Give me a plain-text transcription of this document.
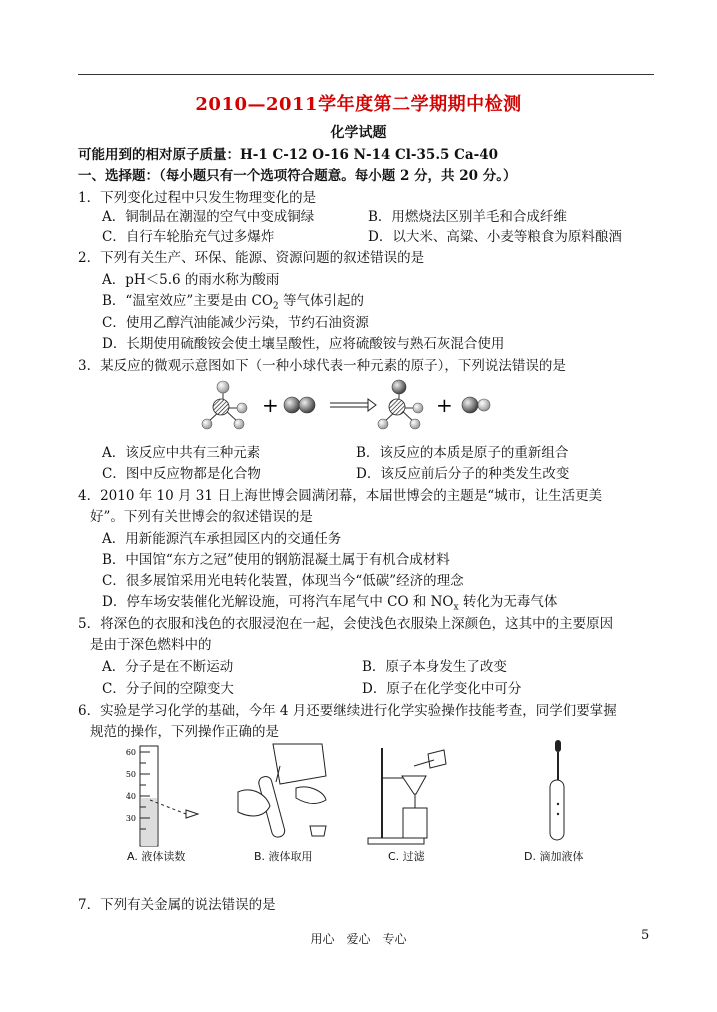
2010—2011学年度第二学期期中检测
化学试题
可能用到的相对原子质量：H-1 C-12 O-16 N-14 Cl-35.5 Ca-40
一、选择题：（每小题只有一个选项符合题意。每小题 2 分，共 20 分。）
1．下列变化过程中只发生物理变化的是
A．铜制品在潮湿的空气中变成铜绿	B．用燃烧法区别羊毛和合成纤维
C．自行车轮胎充气过多爆炸	D．以大米、高粱、小麦等粮食为原料酿酒
2．下列有关生产、环保、能源、资源问题的叙述错误的是
A．pH＜5.6 的雨水称为酸雨
B．“温室效应”主要是由 $CO_2$ 等气体引起的
C．使用乙醇汽油能减少污染，节约石油资源
D．长期使用硫酸铵会使土壤呈酸性，应将硫酸铵与熟石灰混合使用
3．某反应的微观示意图如下（一种小球代表一种元素的原子），下列说法错误的是
+	+
A．该反应中共有三种元素	B．该反应的本质是原子的重新组合
C．图中反应物都是化合物	D．该反应前后分子的种类发生改变
4．2010 年 10 月 31 日上海世博会圆满闭幕，本届世博会的主题是“城市，让生活更美
好”。下列有关世博会的叙述错误的是
A．用新能源汽车承担园区内的交通任务
B．中国馆“东方之冠”使用的钢筋混凝土属于有机合成材料
C．很多展馆采用光电转化装置，体现当今“低碳”经济的理念
D．停车场安装催化光解设施，可将汽车尾气中 CO 和 $NO_x$ 转化为无毒气体
5．将深色的衣服和浅色的衣服浸泡在一起，会使浅色衣服染上深颜色，这其中的主要原因
是由于深色燃料中的
A．分子是在不断运动	B．原子本身发生了改变
C．分子间的空隙变大	D．原子在化学变化中可分
6．实验是学习化学的基础，今年 4 月还要继续进行化学实验操作技能考查，同学们要掌握
规范的操作，下列操作正确的是
60
50
40
30
A. 液体读数	B. 液体取用	C. 过滤	D. 滴加液体
7．下列有关金属的说法错误的是
用心　爱心　专心	5
